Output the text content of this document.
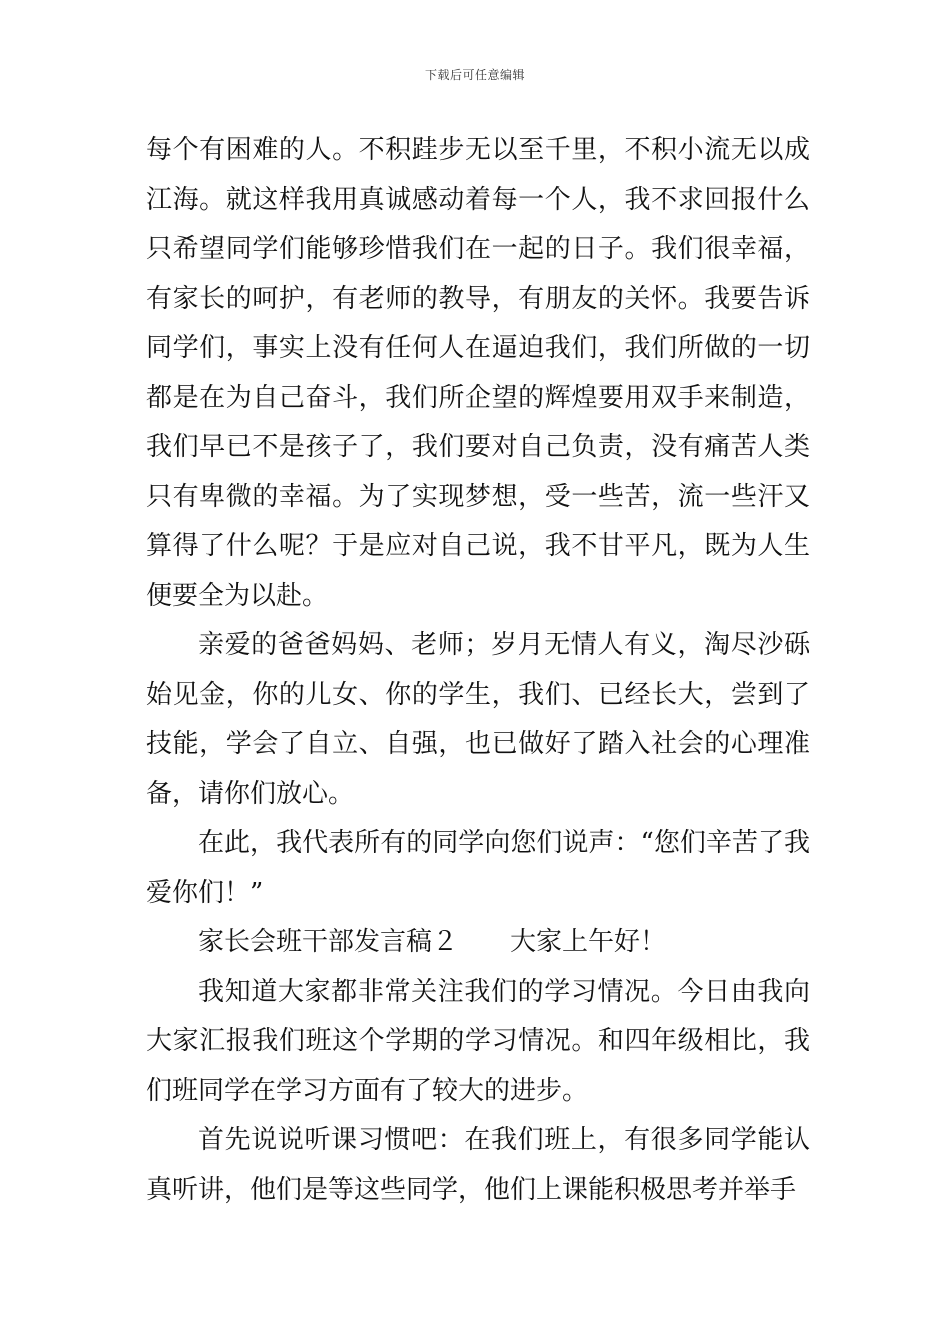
下载后可任意编辑

每个有困难的人。不积跬步无以至千里，不积小流无以成江海。就这样我用真诚感动着每一个人，我不求回报什么只希望同学们能够珍惜我们在一起的日子。我们很幸福，有家长的呵护，有老师的教导，有朋友的关怀。我要告诉同学们，事实上没有任何人在逼迫我们，我们所做的一切都是在为自己奋斗，我们所企望的辉煌要用双手来制造，我们早已不是孩子了，我们要对自己负责，没有痛苦人类只有卑微的幸福。为了实现梦想，受一些苦，流一些汗又算得了什么呢？于是应对自己说，我不甘平凡，既为人生便要全为以赴。

亲爱的爸爸妈妈、老师；岁月无情人有义，淘尽沙砾始见金，你的儿女、你的学生，我们、已经长大，尝到了技能，学会了自立、自强，也已做好了踏入社会的心理准备，请你们放心。

在此，我代表所有的同学向您们说声：“您们辛苦了我爱你们！”

家长会班干部发言稿２ 大家上午好！

我知道大家都非常关注我们的学习情况。今日由我向大家汇报我们班这个学期的学习情况。和四年级相比，我们班同学在学习方面有了较大的进步。

首先说说听课习惯吧：在我们班上，有很多同学能认真听讲，他们是等这些同学，他们上课能积极思考并举手
